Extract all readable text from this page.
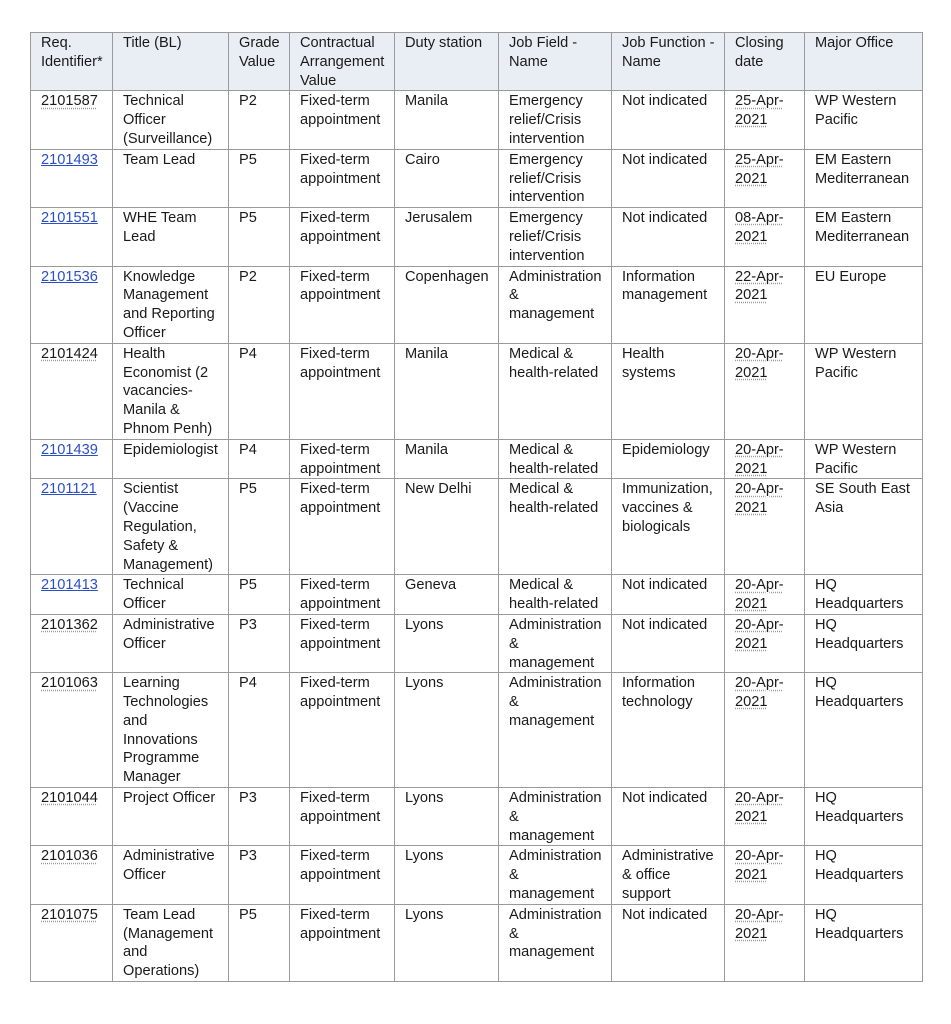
Req. Identifier*	Title (BL)	Grade Value	Contractual Arrangement Value	Duty station	Job Field - Name	Job Function - Name	Closing date	Major Office
2101587	Technical Officer (Surveillance)	P2	Fixed-term appointment	Manila	Emergency relief/Crisis intervention	Not indicated	25-Apr-2021	WP Western Pacific
2101493	Team Lead	P5	Fixed-term appointment	Cairo	Emergency relief/Crisis intervention	Not indicated	25-Apr-2021	EM Eastern Mediterranean
2101551	WHE Team Lead	P5	Fixed-term appointment	Jerusalem	Emergency relief/Crisis intervention	Not indicated	08-Apr-2021	EM Eastern Mediterranean
2101536	Knowledge Management and Reporting Officer	P2	Fixed-term appointment	Copenhagen	Administration & management	Information management	22-Apr-2021	EU Europe
2101424	Health Economist (2 vacancies-Manila & Phnom Penh)	P4	Fixed-term appointment	Manila	Medical & health-related	Health systems	20-Apr-2021	WP Western Pacific
2101439	Epidemiologist	P4	Fixed-term appointment	Manila	Medical & health-related	Epidemiology	20-Apr-2021	WP Western Pacific
2101121	Scientist (Vaccine Regulation, Safety & Management)	P5	Fixed-term appointment	New Delhi	Medical & health-related	Immunization, vaccines & biologicals	20-Apr-2021	SE South East Asia
2101413	Technical Officer	P5	Fixed-term appointment	Geneva	Medical & health-related	Not indicated	20-Apr-2021	HQ Headquarters
2101362	Administrative Officer	P3	Fixed-term appointment	Lyons	Administration & management	Not indicated	20-Apr-2021	HQ Headquarters
2101063	Learning Technologies and Innovations Programme Manager	P4	Fixed-term appointment	Lyons	Administration & management	Information technology	20-Apr-2021	HQ Headquarters
2101044	Project Officer	P3	Fixed-term appointment	Lyons	Administration & management	Not indicated	20-Apr-2021	HQ Headquarters
2101036	Administrative Officer	P3	Fixed-term appointment	Lyons	Administration & management	Administrative & office support	20-Apr-2021	HQ Headquarters
2101075	Team Lead (Management and Operations)	P5	Fixed-term appointment	Lyons	Administration & management	Not indicated	20-Apr-2021	HQ Headquarters
